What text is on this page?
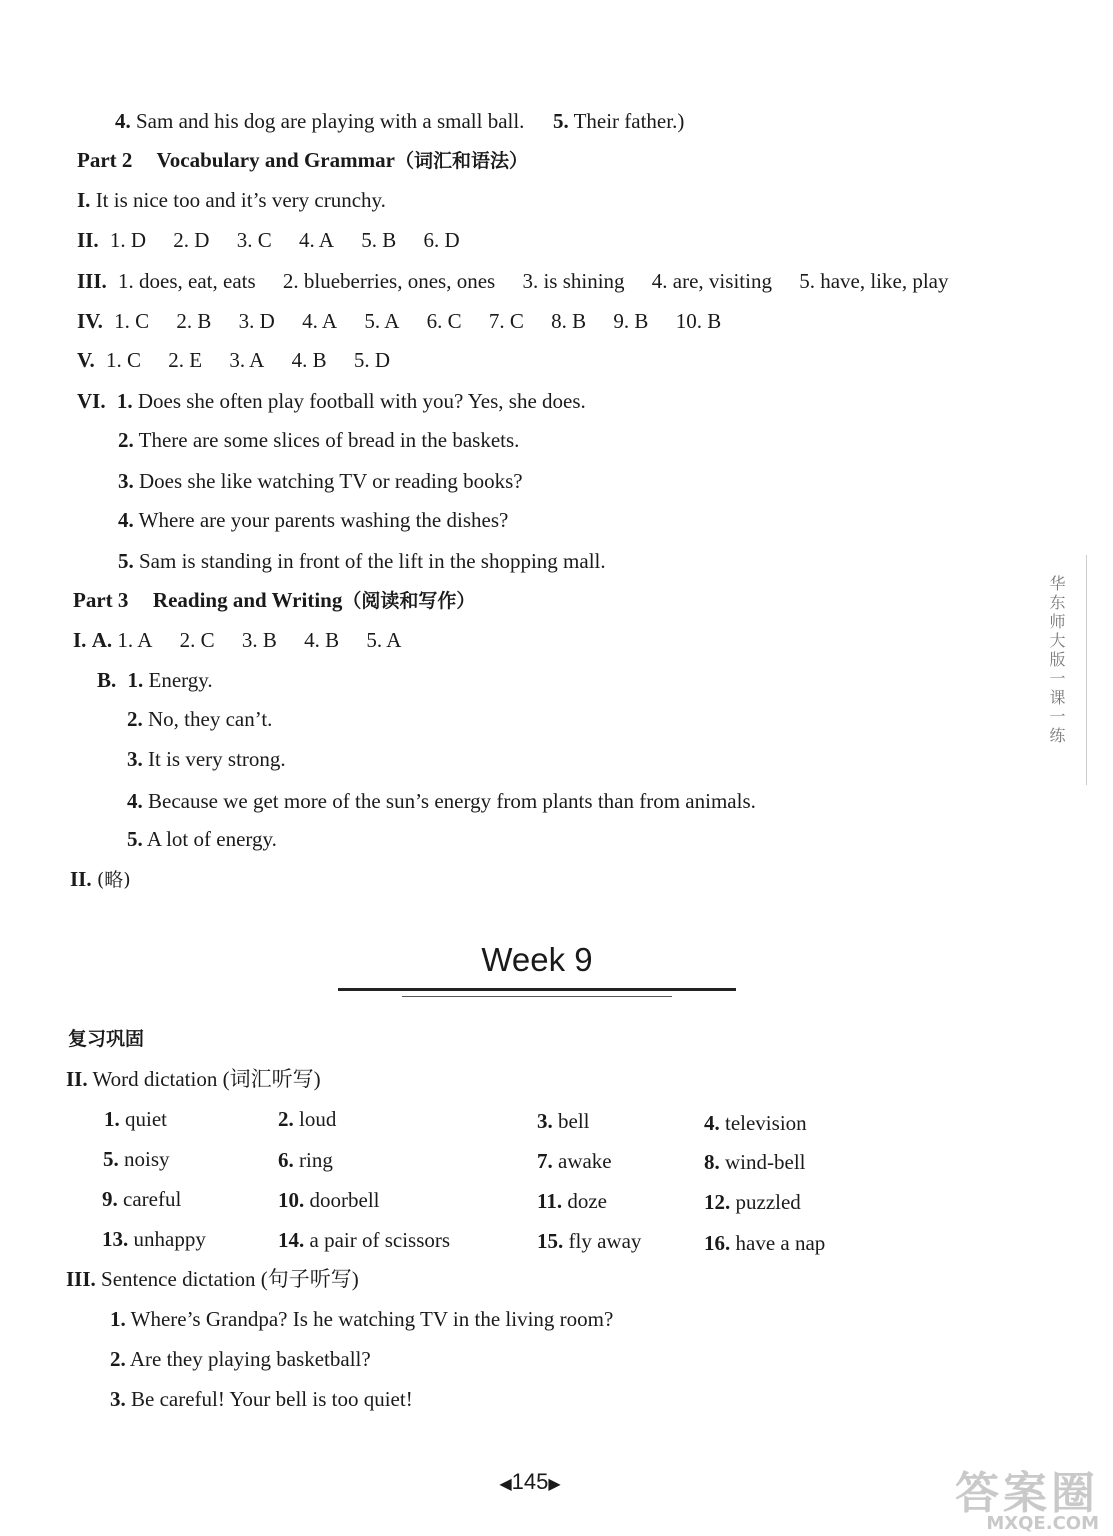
4. Sam and his dog are playing with a small ball. 5. Their father.)
Part 2 Vocabulary and Grammar（词汇和语法）
I. It is nice too and it’s very crunchy.
II. 1. D 2. D 3. C 4. A 5. B 6. D
III. 1. does, eat, eats 2. blueberries, ones, ones 3. is shining 4. are, visiting 5. have, like, play
IV. 1. C 2. B 3. D 4. A 5. A 6. C 7. C 8. B 9. B 10. B
V. 1. C 2. E 3. A 4. B 5. D
VI. 1. Does she often play football with you? Yes, she does.
2. There are some slices of bread in the baskets.
3. Does she like watching TV or reading books?
4. Where are your parents washing the dishes?
5. Sam is standing in front of the lift in the shopping mall.
Part 3 Reading and Writing（阅读和写作）
I. A. 1. A 2. C 3. B 4. B 5. A
B. 1. Energy.
2. No, they can’t.
3. It is very strong.
4. Because we get more of the sun’s energy from plants than from animals.
5. A lot of energy.
II. (略)
Week 9
复习巩固
II. Word dictation (词汇听写)
1. quiet	2. loud	3. bell	4. television
5. noisy	6. ring	7. awake	8. wind-bell
9. careful	10. doorbell	11. doze	12. puzzled
13. unhappy	14. a pair of scissors	15. fly away	16. have a nap
III. Sentence dictation (句子听写)
1. Where’s Grandpa? Is he watching TV in the living room?
2. Are they playing basketball?
3. Be careful! Your bell is too quiet!
华东师大版一课一练
◀145▶	答案圈
MXQE.COM
